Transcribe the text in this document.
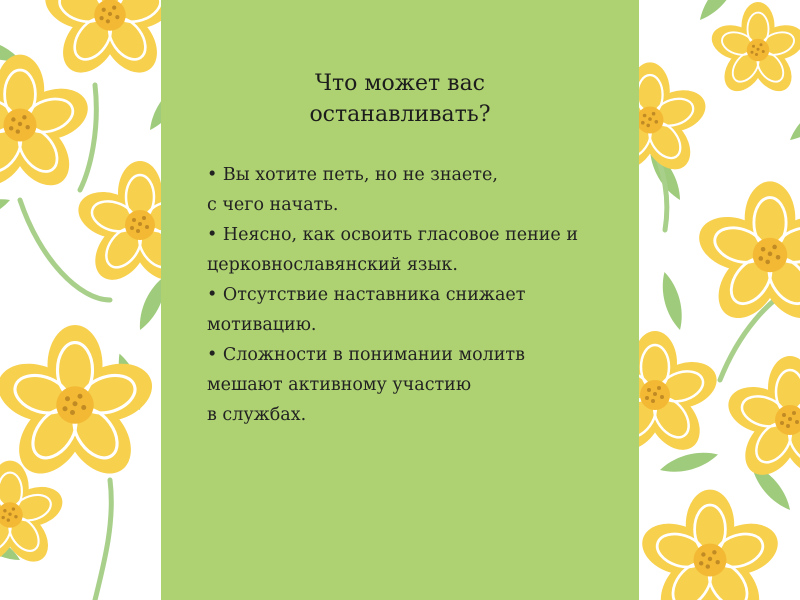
Что может вас
останавливать?
• Вы хотите петь, но не знаете,
с чего начать.
• Неясно, как освоить гласовое пение и
церковнославянский язык.
• Отсутствие наставника снижает
мотивацию.
• Сложности в понимании молитв
мешают активному участию
в службах.
